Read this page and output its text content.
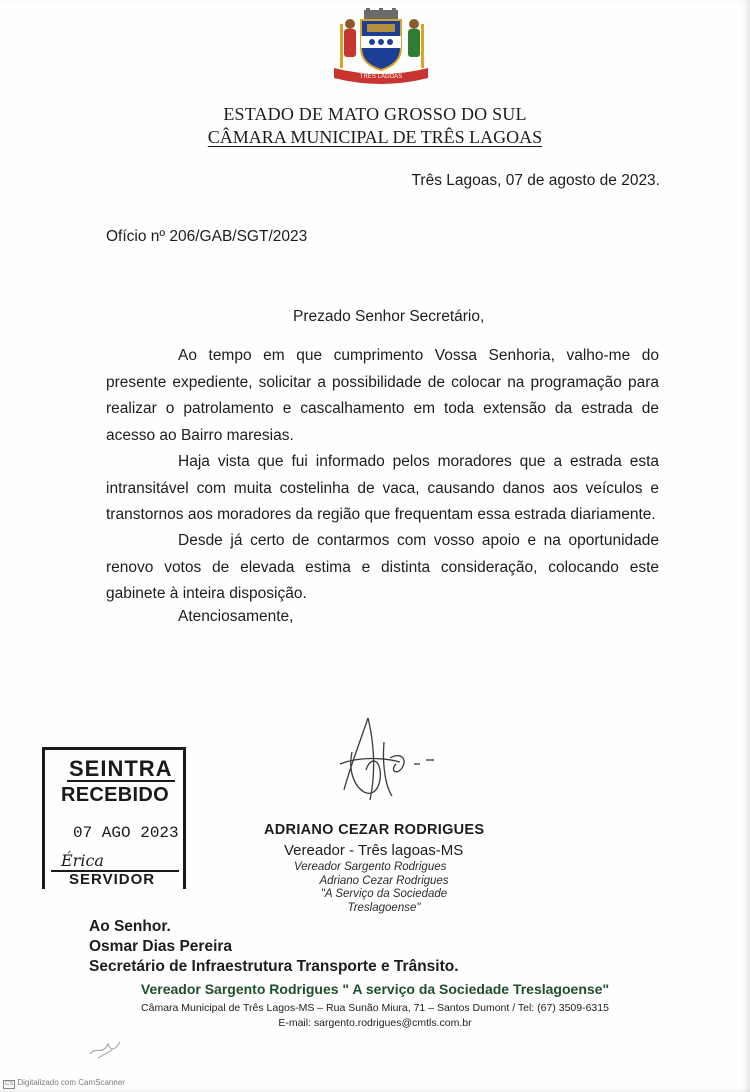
TRÊS LAGOAS
ESTADO DE MATO GROSSO DO SUL
CÂMARA MUNICIPAL DE TRÊS LAGOAS
Três Lagoas, 07 de agosto de 2023.
Ofício nº 206/GAB/SGT/2023
Prezado Senhor Secretário,
Ao tempo em que cumprimento Vossa Senhoria, valho-me do presente expediente, solicitar a possibilidade de colocar na programação para realizar o patrolamento e cascalhamento em toda extensão da estrada de acesso ao Bairro maresias.
Haja vista que fui informado pelos moradores que a estrada esta intransitável com muita costelinha de vaca, causando danos aos veículos e transtornos aos moradores da região que frequentam essa estrada diariamente.
Desde já certo de contarmos com vosso apoio e na oportunidade renovo votos de elevada estima e distinta consideração, colocando este gabinete à inteira disposição.
Atenciosamente,
ADRIANO CEZAR RODRIGUES
Vereador - Três lagoas-MS
Vereador Sargento Rodrigues
Adriano Cezar Rodrigues
"A Serviço da Sociedade
Treslagoense"
SEINTRA
RECEBIDO
07 AGO 2023
Érica
SERVIDOR
Ao Senhor.
Osmar Dias Pereira
Secretário de Infraestrutura Transporte e Trânsito.
Vereador Sargento Rodrigues " A serviço da Sociedade Treslagoense"
Câmara Municipal de Três Lagos-MS – Rua Sunão Miura, 71 – Santos Dumont / Tel: (67) 3509-6315
E-mail: sargento.rodrigues@cmtls.com.br
CS Digitalizado com CamScanner
